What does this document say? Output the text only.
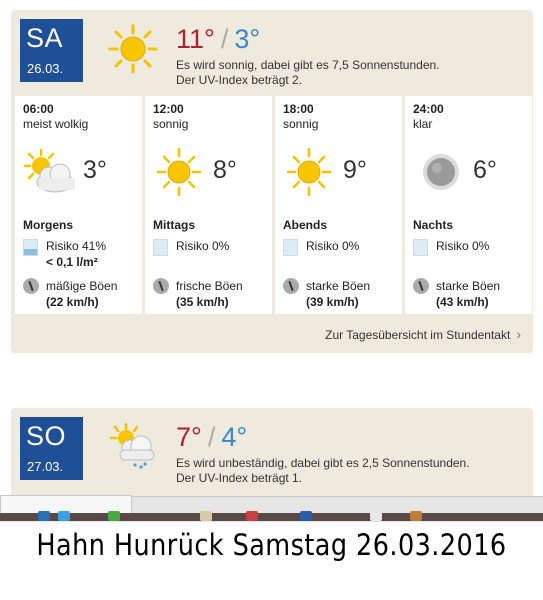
SA
26.03.
11° / 3°
Es wird sonnig, dabei gibt es 7,5 Sonnenstunden.
Der UV-Index beträgt 2.
06:00
meist wolkig
3°
Morgens
Risiko 41%
< 0,1 l/m²
mäßige Böen
(22 km/h)
12:00
sonnig
8°
Mittags
Risiko 0%
frische Böen
(35 km/h)
18:00
sonnig
9°
Abends
Risiko 0%
starke Böen
(39 km/h)
24:00
klar
6°
Nachts
Risiko 0%
starke Böen
(43 km/h)
Zur Tagesübersicht im Stundentakt ›
SO
27.03.
7° / 4°
Es wird unbeständig, dabei gibt es 2,5 Sonnenstunden.
Der UV-Index beträgt 1.
Hahn Hunrück Samstag 26.03.2016
